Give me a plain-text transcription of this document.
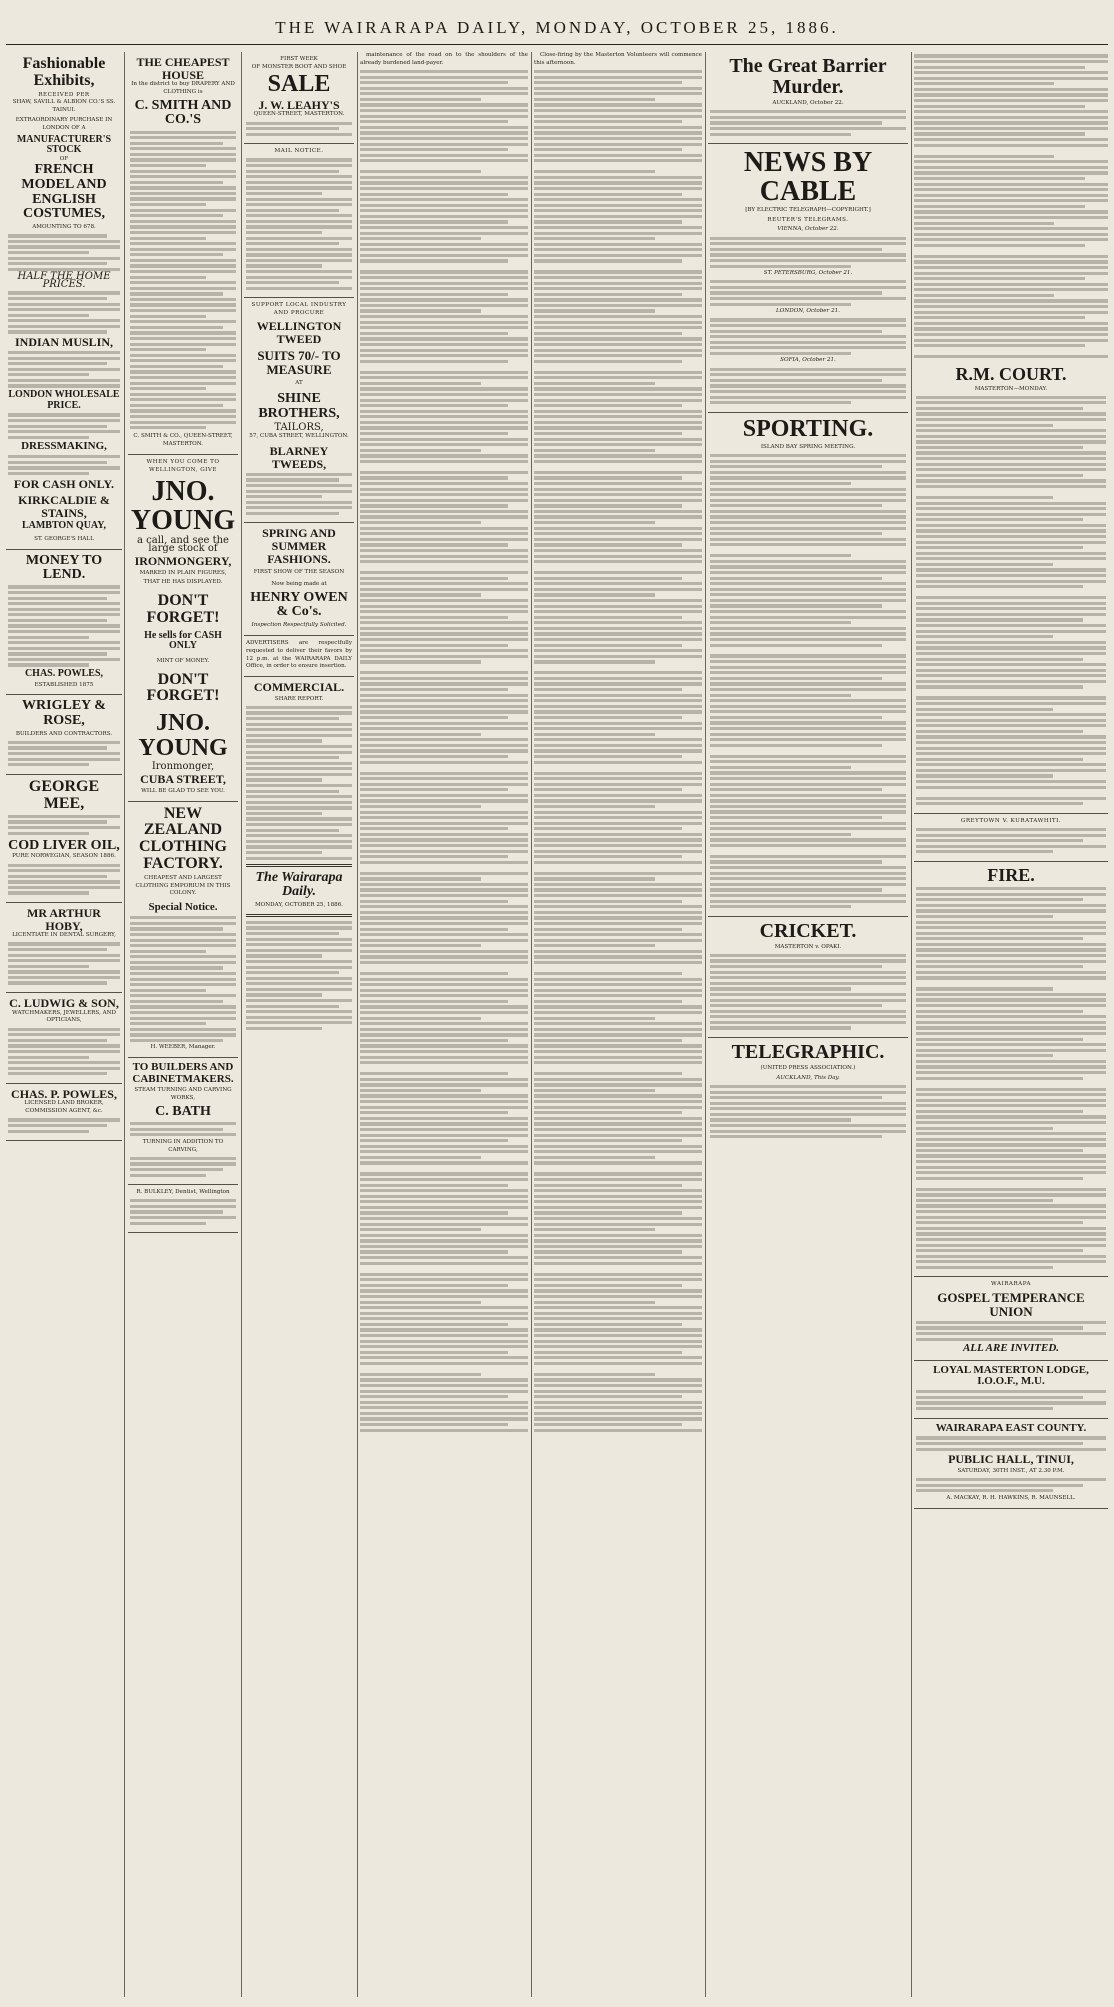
THE WAIRARAPA DAILY, MONDAY, OCTOBER 25, 1886.

Fashionable Exhibits,

RECEIVED PER

SHAW, SAVILL & ALBION CO.'S SS. TAINUI.

EXTRAORDINARY PURCHASE IN LONDON OF A

MANUFACTURER'S STOCK

OF

FRENCH MODEL AND ENGLISH COSTUMES,

AMOUNTING TO 678.

HALF THE HOME PRICES.

INDIAN MUSLIN,

LONDON WHOLESALE PRICE.

DRESSMAKING,

FOR CASH ONLY.

KIRKCALDIE & STAINS,

LAMBTON QUAY,

ST. GEORGE'S HALL

MONEY TO LEND.

CHAS. POWLES,

ESTABLISHED 1875

WRIGLEY & ROSE,

BUILDERS AND CONTRACTORS.

GEORGE MEE,

COD LIVER OIL,

PURE NORWEGIAN, SEASON 1886.

MR ARTHUR HOBY,

LICENTIATE IN DENTAL SURGERY,

C. LUDWIG & SON,

WATCHMAKERS, JEWELLERS, AND OPTICIANS,

CHAS. P. POWLES,

LICENSED LAND BROKER, COMMISSION AGENT, &c.

THE CHEAPEST HOUSE

In the district to buy DRAPERY AND CLOTHING is

C. SMITH AND CO.'S

C. SMITH & CO., QUEEN-STREET, MASTERTON.

WHEN YOU COME TO WELLINGTON, GIVE

JNO. YOUNG

a call, and see the large stock of

IRONMONGERY,

MARKED IN PLAIN FIGURES,

THAT HE HAS DISPLAYED.

DON'T FORGET!

He sells for CASH ONLY

MINT OF MONEY.

DON'T FORGET!

JNO. YOUNG

Ironmonger,

CUBA STREET,

WILL BE GLAD TO SEE YOU.

NEW ZEALAND CLOTHING FACTORY.

CHEAPEST AND LARGEST CLOTHING EMPORIUM IN THIS COLONY.

Special Notice.

H. WEEBER, Manager.

TO BUILDERS AND CABINETMAKERS.

STEAM TURNING AND CARVING WORKS,

C. BATH

TURNING IN ADDITION TO CARVING,

R. BULKLEY, Dentist, Wellington

FIRST WEEK

OF MONSTER BOOT AND SHOE

SALE

J. W. LEAHY'S

QUEEN-STREET, MASTERTON.

MAIL NOTICE.

SUPPORT LOCAL INDUSTRY

AND PROCURE

WELLINGTON TWEED

SUITS 70/- TO MEASURE

AT

SHINE BROTHERS,

TAILORS,

57, CUBA STREET, WELLINGTON.

BLARNEY TWEEDS,

SPRING AND SUMMER FASHIONS.

FIRST SHOW OF THE SEASON

Now being made at

HENRY OWEN & Co's.

Inspection Respectfully Solicited.

ADVERTISERS are respectfully requested to deliver their favors by 12 p.m. at the WAIRARAPA DAILY Office, in order to ensure insertion.

COMMERCIAL.

SHARE REPORT.

The Wairarapa Daily.

MONDAY, OCTOBER 25, 1886.

maintenance of the road on to the shoulders of the already burdened land-payer.

Close-firing by the Masterton Volunteers will commence this afternoon.	The Great Barrier Murder.

AUCKLAND, October 22.

NEWS BY CABLE

[BY ELECTRIC TELEGRAPH—COPYRIGHT.]

REUTER'S TELEGRAMS.

VIENNA, October 22.

ST. PETERSBURG, October 21.

LONDON, October 21.

SOFIA, October 21.

SPORTING.

ISLAND BAY SPRING MEETING.

CRICKET.

MASTERTON v. OPAKI.

TELEGRAPHIC.

(UNITED PRESS ASSOCIATION.)

AUCKLAND, This Day.

R.M. COURT.

MASTERTON—MONDAY.

GREYTOWN V. KURATAWHITI.

FIRE.

WAIRARAPA

GOSPEL TEMPERANCE UNION

ALL ARE INVITED.

LOYAL MASTERTON LODGE, I.O.O.F., M.U.

WAIRARAPA EAST COUNTY.

PUBLIC HALL, TINUI,

SATURDAY, 30TH INST., AT 2.30 P.M.

A. MACKAY, R. H. HAWKINS, R. MAUNSELL.
